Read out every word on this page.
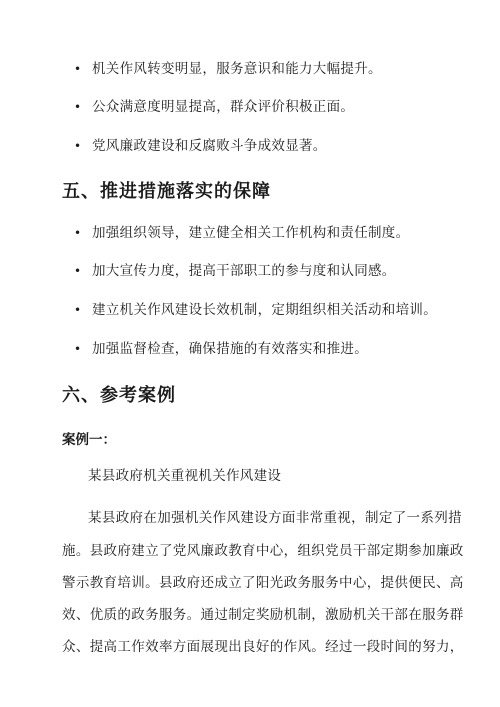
• 机关作风转变明显，服务意识和能力大幅提升。
• 公众满意度明显提高，群众评价积极正面。
• 党风廉政建设和反腐败斗争成效显著。
五、推进措施落实的保障
• 加强组织领导，建立健全相关工作机构和责任制度。
• 加大宣传力度，提高干部职工的参与度和认同感。
• 建立机关作风建设长效机制，定期组织相关活动和培训。
• 加强监督检查，确保措施的有效落实和推进。
六、参考案例
案例一：
某县政府机关重视机关作风建设
某县政府在加强机关作风建设方面非常重视，制定了一系列措
施。县政府建立了党风廉政教育中心，组织党员干部定期参加廉政
警示教育培训。县政府还成立了阳光政务服务中心，提供便民、高
效、优质的政务服务。通过制定奖励机制，激励机关干部在服务群
众、提高工作效率方面展现出良好的作风。经过一段时间的努力，
